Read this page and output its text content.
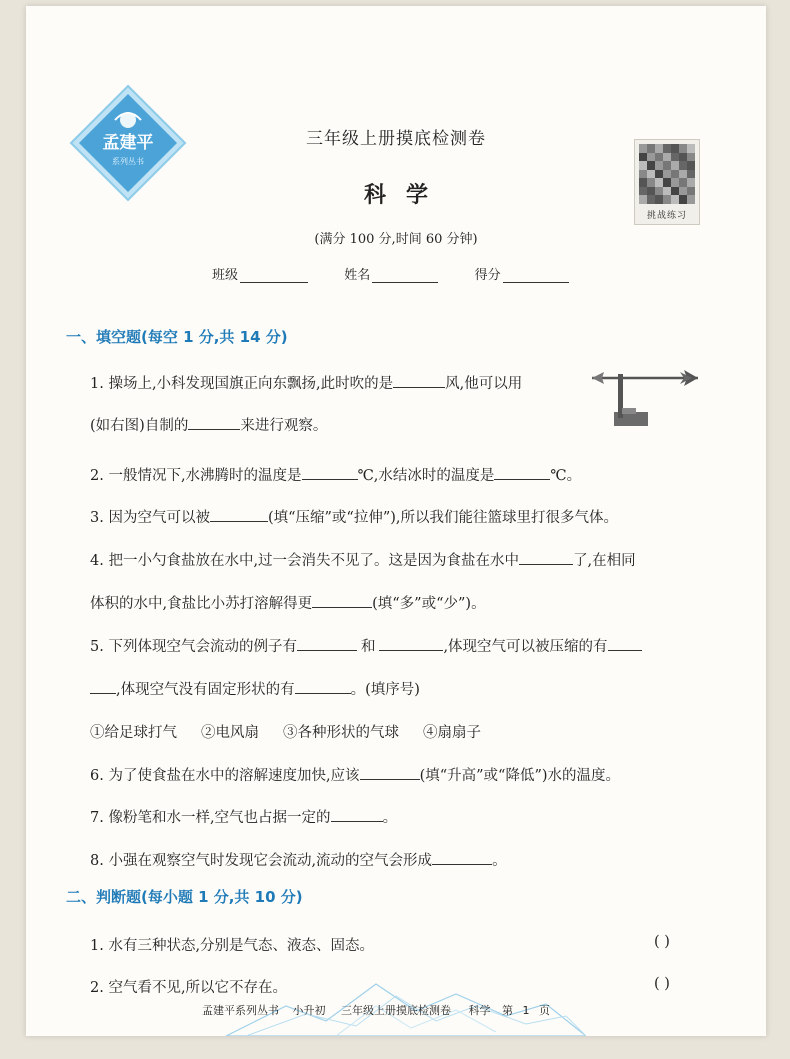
孟建平
系列丛书
挑战练习
三年级上册摸底检测卷
科学
(满分 100 分,时间 60 分钟)
班级	姓名	得分
一、填空题(每空 1 分,共 14 分)
1. 操场上,小科发现国旗正向东飘扬,此时吹的是	风,他可以用
(如右图)自制的	来进行观察。
2. 一般情况下,水沸腾时的温度是	℃,水结冰时的温度是	℃。
3. 因为空气可以被	(填“压缩”或“拉伸”),所以我们能往篮球里打很多气体。
4. 把一小勺食盐放在水中,过一会消失不见了。这是因为食盐在水中	了,在相同
体积的水中,食盐比小苏打溶解得更	(填“多”或“少”)。
5. 下列体现空气会流动的例子有	和	,体现空气可以被压缩的有
,体现空气没有固定形状的有	。(填序号)
①给足球打气 ②电风扇 ③各种形状的气球 ④扇扇子
6. 为了使食盐在水中的溶解速度加快,应该	(填“升高”或“降低”)水的温度。
7. 像粉笔和水一样,空气也占据一定的	。
8. 小强在观察空气时发现它会流动,流动的空气会形成	。
二、判断题(每小题 1 分,共 10 分)
1. 水有三种状态,分别是气态、液态、固态。	( )
2. 空气看不见,所以它不存在。	( )
孟建平系列丛书 小升初 三年级上册摸底检测卷 科学 第 1 页
